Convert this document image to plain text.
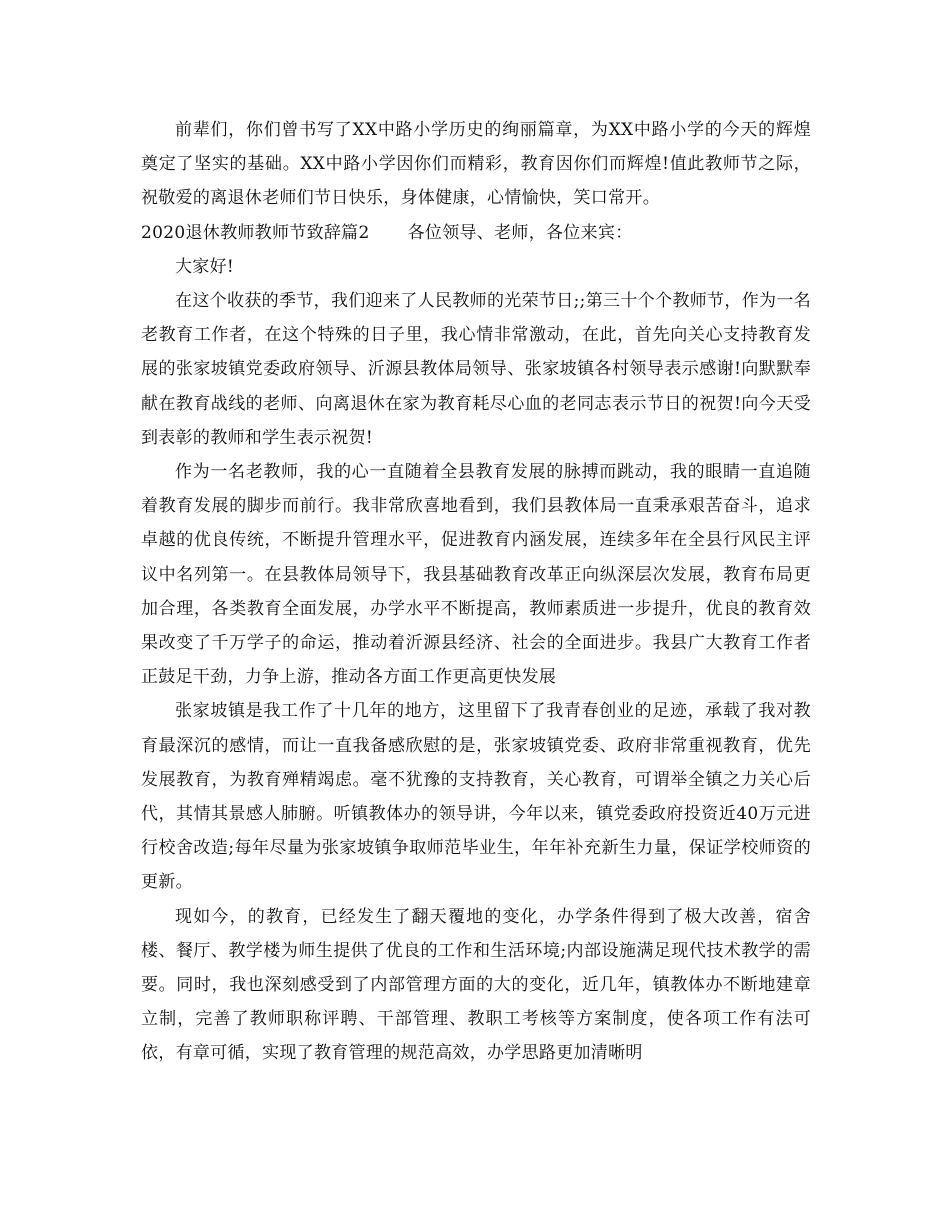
前辈们，你们曾书写了XX中路小学历史的绚丽篇章，为XX中路小学的今天的辉煌奠定了坚实的基础。XX中路小学因你们而精彩，教育因你们而辉煌!值此教师节之际，祝敬爱的离退休老师们节日快乐，身体健康，心情愉快，笑口常开。

2020退休教师教师节致辞篇2 各位领导、老师，各位来宾：

大家好!

在这个收获的季节，我们迎来了人民教师的光荣节日;;第三十个个教师节，作为一名老教育工作者，在这个特殊的日子里，我心情非常激动，在此，首先向关心支持教育发展的张家坡镇党委政府领导、沂源县教体局领导、张家坡镇各村领导表示感谢!向默默奉献在教育战线的老师、向离退休在家为教育耗尽心血的老同志表示节日的祝贺!向今天受到表彰的教师和学生表示祝贺!

作为一名老教师，我的心一直随着全县教育发展的脉搏而跳动，我的眼睛一直追随着教育发展的脚步而前行。我非常欣喜地看到，我们县教体局一直秉承艰苦奋斗，追求卓越的优良传统，不断提升管理水平，促进教育内涵发展，连续多年在全县行风民主评议中名列第一。在县教体局领导下，我县基础教育改革正向纵深层次发展，教育布局更加合理，各类教育全面发展，办学水平不断提高，教师素质进一步提升，优良的教育效果改变了千万学子的命运，推动着沂源县经济、社会的全面进步。我县广大教育工作者正鼓足干劲，力争上游，推动各方面工作更高更快发展

张家坡镇是我工作了十几年的地方，这里留下了我青春创业的足迹，承载了我对教育最深沉的感情，而让一直我备感欣慰的是，张家坡镇党委、政府非常重视教育，优先发展教育，为教育殚精竭虑。毫不犹豫的支持教育，关心教育，可谓举全镇之力关心后代，其情其景感人肺腑。听镇教体办的领导讲，今年以来，镇党委政府投资近40万元进行校舍改造;每年尽量为张家坡镇争取师范毕业生，年年补充新生力量，保证学校师资的更新。

现如今，的教育，已经发生了翻天覆地的变化，办学条件得到了极大改善，宿舍楼、餐厅、教学楼为师生提供了优良的工作和生活环境;内部设施满足现代技术教学的需要。同时，我也深刻感受到了内部管理方面的大的变化，近几年，镇教体办不断地建章立制，完善了教师职称评聘、干部管理、教职工考核等方案制度，使各项工作有法可依，有章可循，实现了教育管理的规范高效，办学思路更加清晰明
